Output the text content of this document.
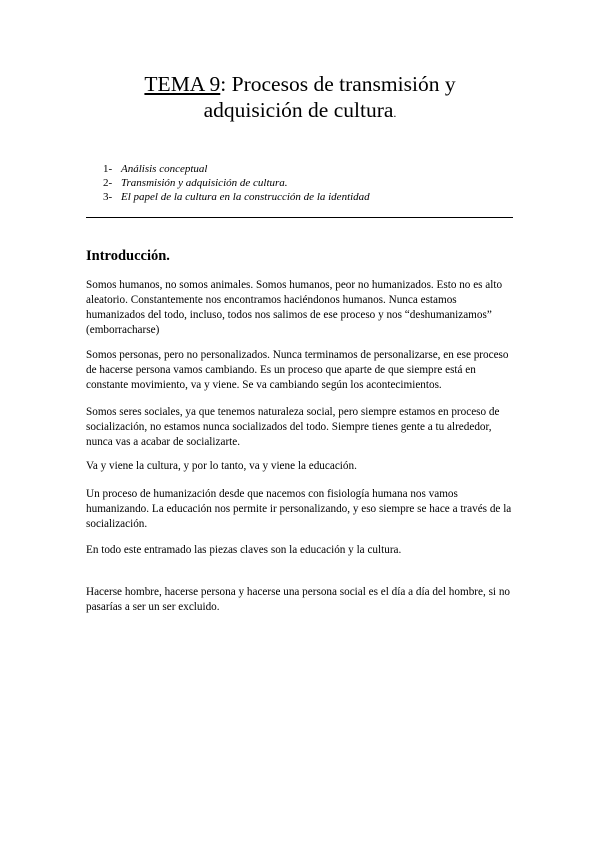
TEMA 9: Procesos de transmisión y
adquisición de cultura.
1- Análisis conceptual
2- Transmisión y adquisición de cultura.
3- El papel de la cultura en la construcción de la identidad
Introducción.

Somos humanos, no somos animales. Somos humanos, peor no humanizados. Esto no es alto aleatorio. Constantemente nos encontramos haciéndonos humanos. Nunca estamos humanizados del todo, incluso, todos nos salimos de ese proceso y nos “deshumanizamos” (emborracharse)

Somos personas, pero no personalizados. Nunca terminamos de personalizarse, en ese proceso de hacerse persona vamos cambiando. Es un proceso que aparte de que siempre está en constante movimiento, va y viene. Se va cambiando según los acontecimientos.

Somos seres sociales, ya que tenemos naturaleza social, pero siempre estamos en proceso de socialización, no estamos nunca socializados del todo. Siempre tienes gente a tu alrededor, nunca vas a acabar de socializarte.

Va y viene la cultura, y por lo tanto, va y viene la educación.

Un proceso de humanización desde que nacemos con fisiología humana nos vamos humanizando. La educación nos permite ir personalizando, y eso siempre se hace a través de la socialización.

En todo este entramado las piezas claves son la educación y la cultura.

Hacerse hombre, hacerse persona y hacerse una persona social es el día a día del hombre, si no pasarías a ser un ser excluido.
